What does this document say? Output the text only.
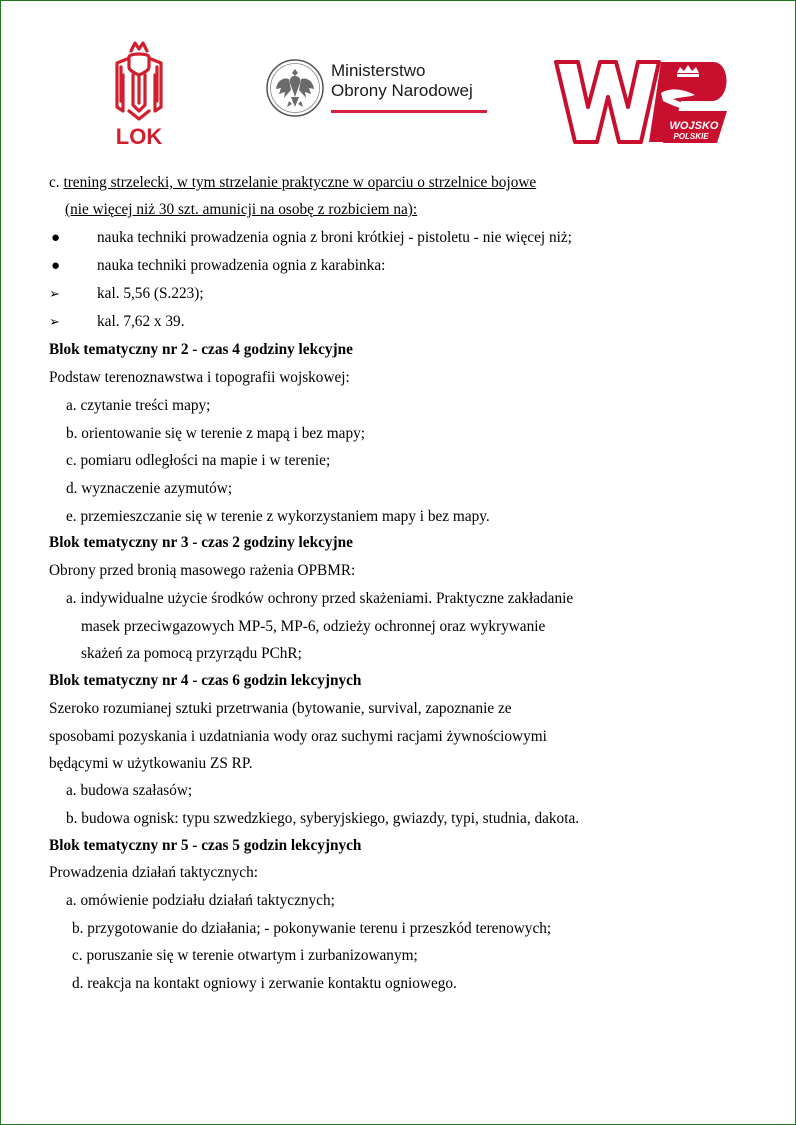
LOK
Ministerstwo
Obrony Narodowej
WOJSKO
POLSKIE
c. trening strzelecki, w tym strzelanie praktyczne w oparciu o strzelnice bojowe
(nie więcej niż 30 szt. amunicji na osobę z rozbiciem na):
● nauka techniki prowadzenia ognia z broni krótkiej - pistoletu - nie więcej niż;
● nauka techniki prowadzenia ognia z karabinka:
➢ kal. 5,56 (S.223);
➢ kal. 7,62 x 39.
Blok tematyczny nr 2 - czas 4 godziny lekcyjne
Podstaw terenoznawstwa i topografii wojskowej:
a. czytanie treści mapy;
b. orientowanie się w terenie z mapą i bez mapy;
c. pomiaru odległości na mapie i w terenie;
d. wyznaczenie azymutów;
e. przemieszczanie się w terenie z wykorzystaniem mapy i bez mapy.
Blok tematyczny nr 3 - czas 2 godziny lekcyjne
Obrony przed bronią masowego rażenia OPBMR:
a. indywidualne użycie środków ochrony przed skażeniami. Praktyczne zakładanie
masek przeciwgazowych MP-5, MP-6, odzieży ochronnej oraz wykrywanie
skażeń za pomocą przyrządu PChR;
Blok tematyczny nr 4 - czas 6 godzin lekcyjnych
Szeroko rozumianej sztuki przetrwania (bytowanie, survival, zapoznanie ze
sposobami pozyskania i uzdatniania wody oraz suchymi racjami żywnościowymi
będącymi w użytkowaniu ZS RP.
a. budowa szałasów;
b. budowa ognisk: typu szwedzkiego, syberyjskiego, gwiazdy, typi, studnia, dakota.
Blok tematyczny nr 5 - czas 5 godzin lekcyjnych
Prowadzenia działań taktycznych:
a. omówienie podziału działań taktycznych;
b. przygotowanie do działania; - pokonywanie terenu i przeszkód terenowych;
c. poruszanie się w terenie otwartym i zurbanizowanym;
d. reakcja na kontakt ogniowy i zerwanie kontaktu ogniowego.
